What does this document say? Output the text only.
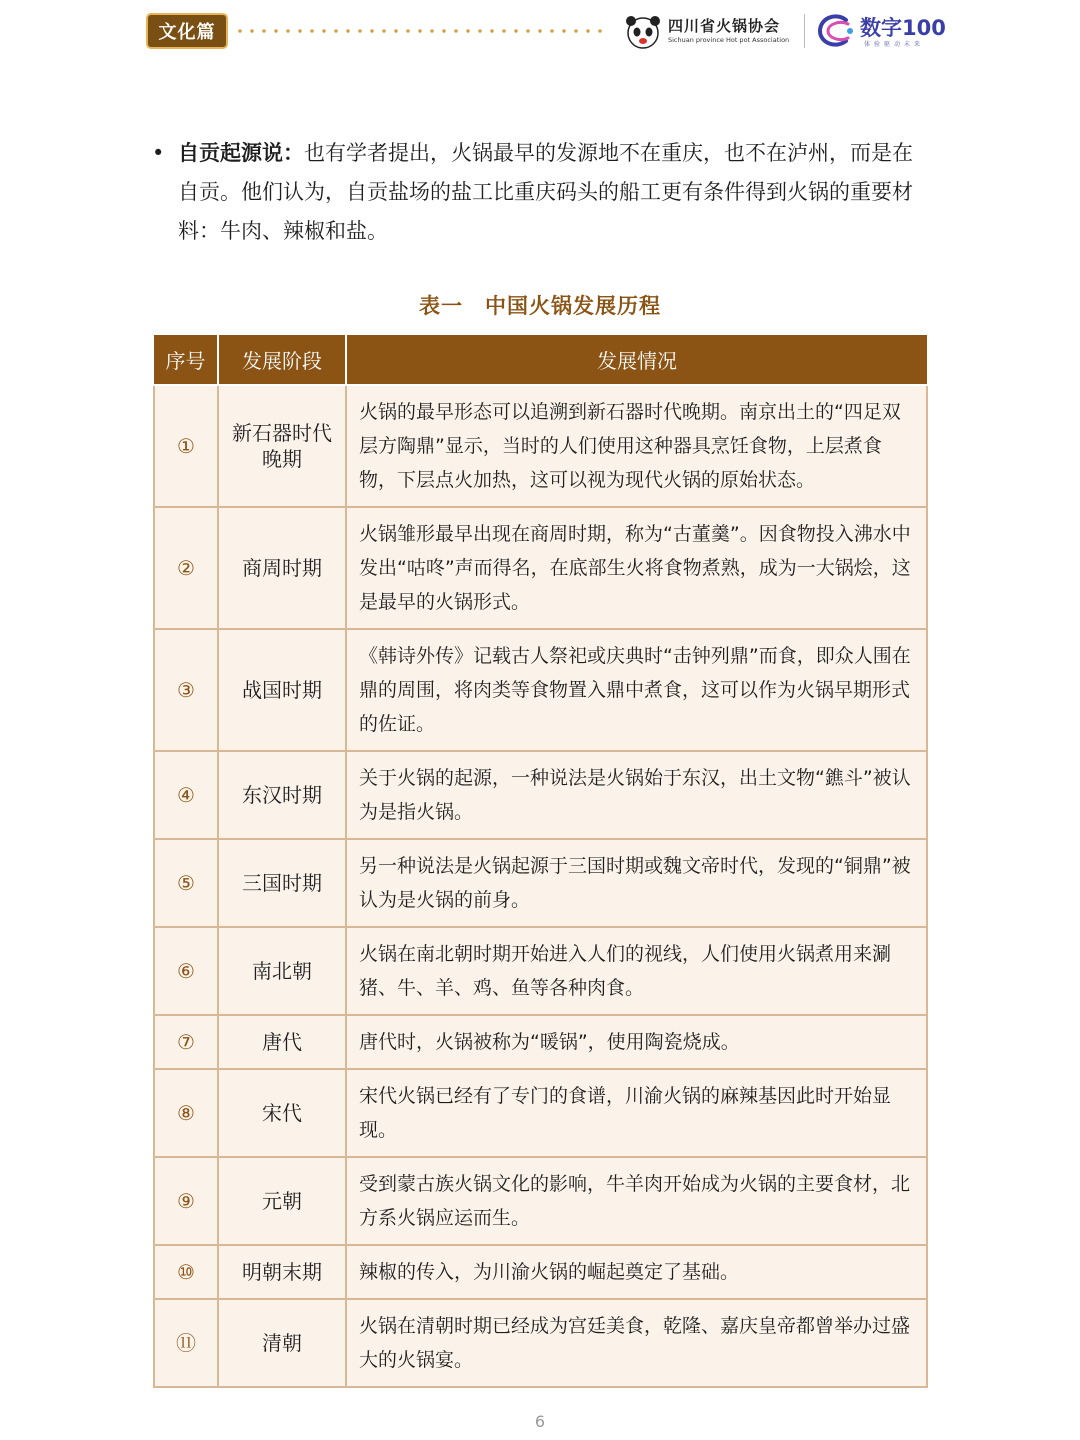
文化篇	四川省火锅协会
Sichuan province Hot pot Association	数字100
体验驱动未来
• 自贡起源说：也有学者提出，火锅最早的发源地不在重庆，也不在泸州，而是在自贡。他们认为，自贡盐场的盐工比重庆码头的船工更有条件得到火锅的重要材料：牛肉、辣椒和盐。
表一　中国火锅发展历程
序号	发展阶段	发展情况
①	新石器时代晚期	火锅的最早形态可以追溯到新石器时代晚期。南京出土的“四足双层方陶鼎”显示，当时的人们使用这种器具烹饪食物，上层煮食物，下层点火加热，这可以视为现代火锅的原始状态。
②	商周时期	火锅雏形最早出现在商周时期，称为“古董羹”。因食物投入沸水中发出“咕咚”声而得名，在底部生火将食物煮熟，成为一大锅烩，这是最早的火锅形式。
③	战国时期	《韩诗外传》记载古人祭祀或庆典时“击钟列鼎”而食，即众人围在鼎的周围，将肉类等食物置入鼎中煮食，这可以作为火锅早期形式的佐证。
④	东汉时期	关于火锅的起源，一种说法是火锅始于东汉，出土文物“鐎斗”被认为是指火锅。
⑤	三国时期	另一种说法是火锅起源于三国时期或魏文帝时代，发现的“铜鼎”被认为是火锅的前身。
⑥	南北朝	火锅在南北朝时期开始进入人们的视线，人们使用火锅煮用来涮猪、牛、羊、鸡、鱼等各种肉食。
⑦	唐代	唐代时，火锅被称为“暖锅”，使用陶瓷烧成。
⑧	宋代	宋代火锅已经有了专门的食谱，川渝火锅的麻辣基因此时开始显现。
⑨	元朝	受到蒙古族火锅文化的影响，牛羊肉开始成为火锅的主要食材，北方系火锅应运而生。
⑩	明朝末期	辣椒的传入，为川渝火锅的崛起奠定了基础。
⑪	清朝	火锅在清朝时期已经成为宫廷美食，乾隆、嘉庆皇帝都曾举办过盛大的火锅宴。
6
